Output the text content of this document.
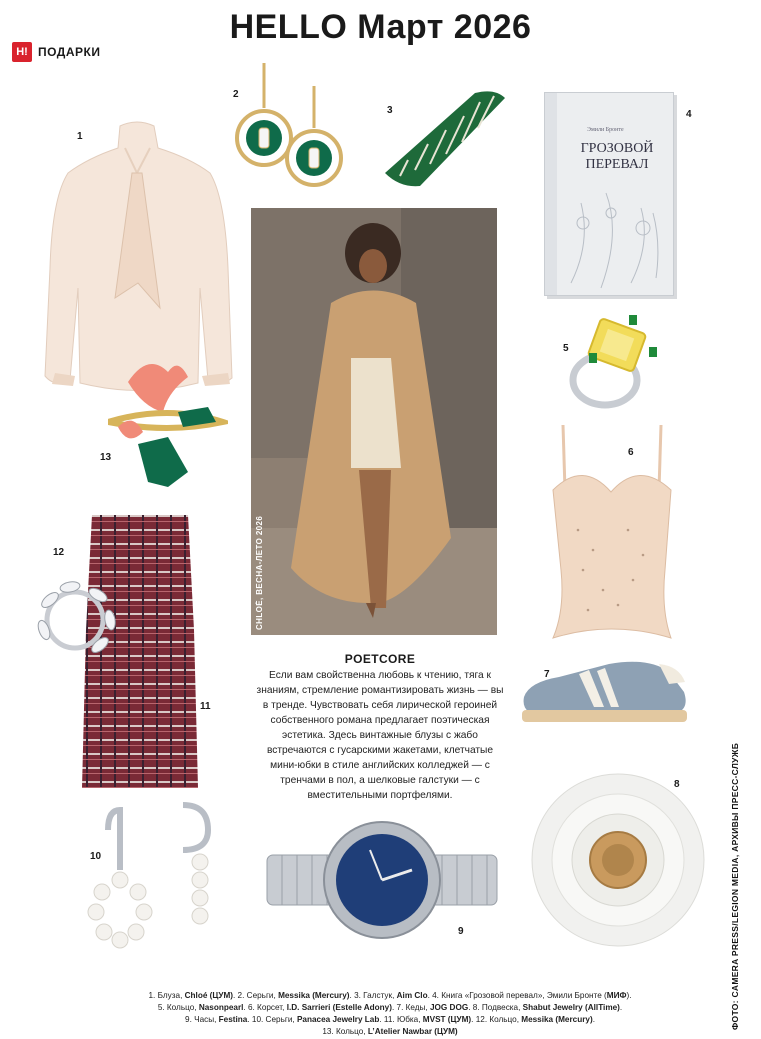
HELLO Март 2026
H! ПОДАРКИ
1
2
3
Эмили Бронте
ГРОЗОВОЙ
ПЕРЕВАЛ
4
CHLOÉ, ВЕСНА-ЛЕТО 2026
5
6
7
8
9
10
11
12
13
POETCORE
Если вам свойственна любовь к чтению, тяга к знаниям, стремление романтизировать жизнь — вы в тренде. Чувствовать себя лирической героиней собственного романа предлагает поэтическая эстетика. Здесь винтажные блузы с жабо встречаются с гусарскими жакетами, клетчатые мини-юбки в стиле английских колледжей — с тренчами в пол, а шелковые галстуки — с вместительными портфелями.	ФОТО: CAMERA PRESS/LEGION MEDIA, АРХИВЫ ПРЕСС-СЛУЖБ
1. Блуза, Chloé (ЦУМ). 2. Серьги, Messika (Mercury). 3. Галстук, Aim Clo. 4. Книга «Грозовой перевал», Эмили Бронте (МИФ).
5. Кольцо, Nasonpearl. 6. Корсет, I.D. Sarrieri (Estelle Adony). 7. Кеды, JOG DOG. 8. Подвеска, Shabut Jewelry (AllTime).
9. Часы, Festina. 10. Серьги, Panacea Jewelry Lab. 11. Юбка, MVST (ЦУМ). 12. Кольцо, Messika (Mercury).
13. Кольцо, L’Atelier Nawbar (ЦУМ)
